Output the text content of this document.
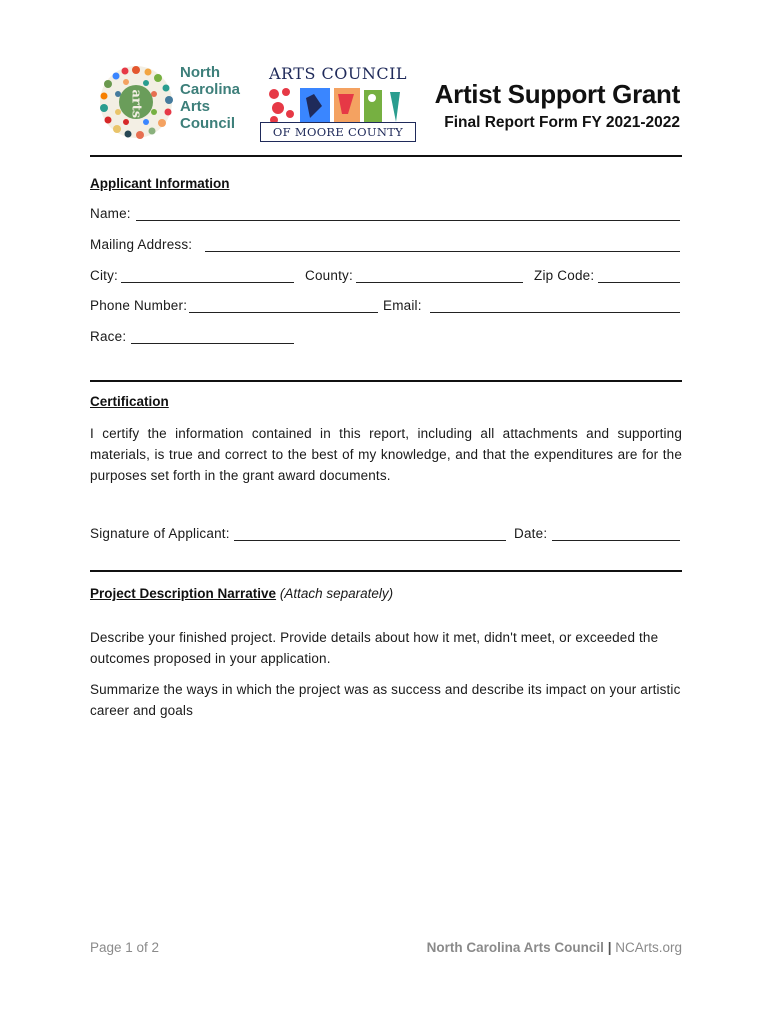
arts
North
Carolina
Arts
Council
ARTS COUNCIL
OF MOORE COUNTY
Artist Support Grant
Final Report Form FY 2021-2022
Applicant Information
Name:
Mailing Address:
City:	County:	Zip Code:
Phone Number:	Email:
Race:
Certification
I certify the information contained in this report, including all attachments and supporting materials, is true and correct to the best of my knowledge, and that the expenditures are for the purposes set forth in the grant award documents.
Signature of Applicant:	Date:
Project Description Narrative (Attach separately)
Describe your finished project. Provide details about how it met, didn't meet, or exceeded the outcomes proposed in your application.
Summarize the ways in which the project was as success and describe its impact on your artistic career and goals
Page 1 of 2	North Carolina Arts Council | NCArts.org
